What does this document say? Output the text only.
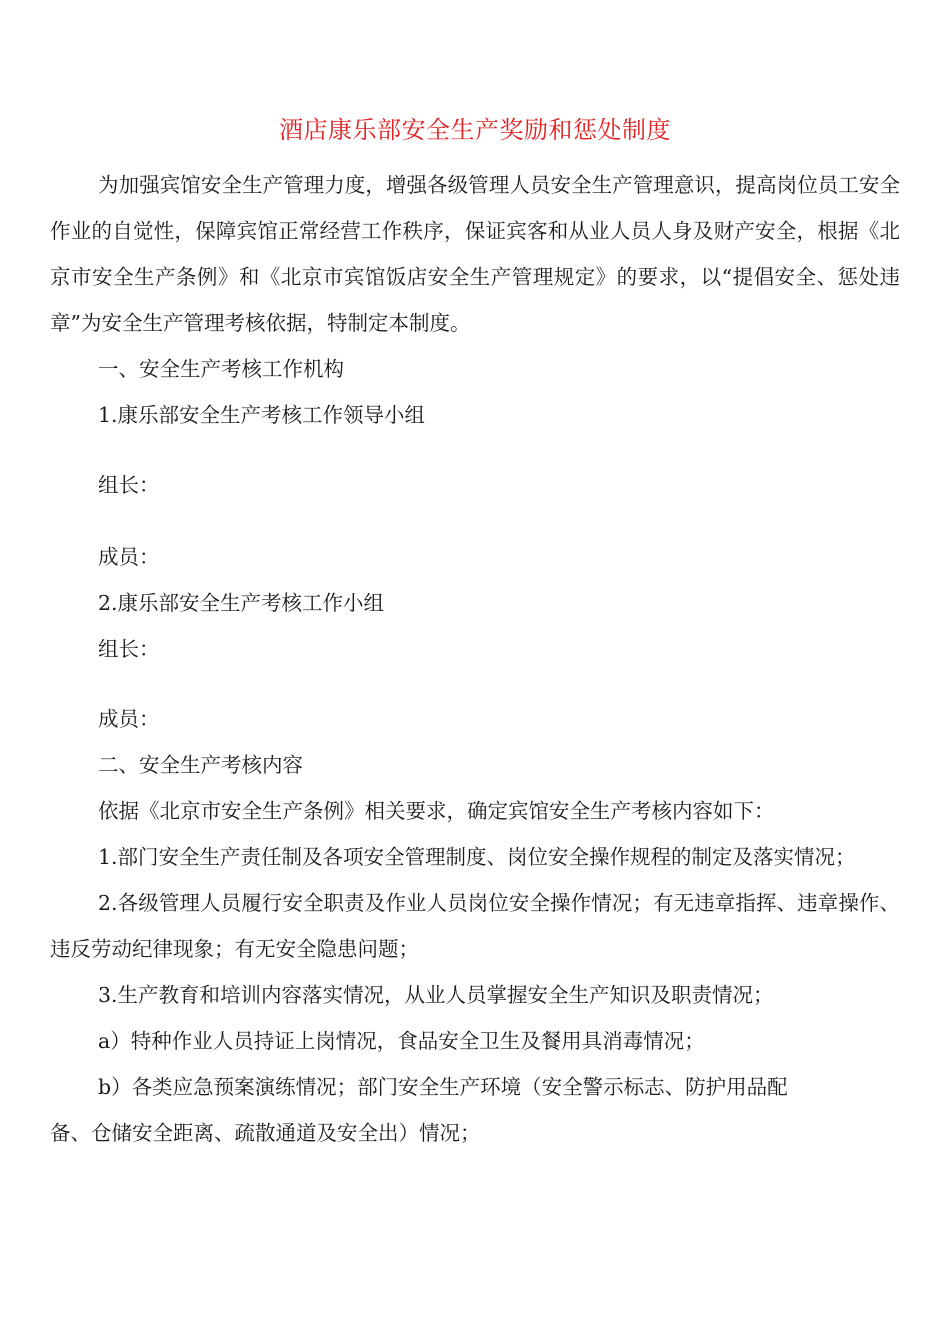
酒店康乐部安全生产奖励和惩处制度

为加强宾馆安全生产管理力度，增强各级管理人员安全生产管理意识，提高岗位员工安全作业的自觉性，保障宾馆正常经营工作秩序，保证宾客和从业人员人身及财产安全，根据《北京市安全生产条例》和《北京市宾馆饭店安全生产管理规定》的要求，以“提倡安全、惩处违章”为安全生产管理考核依据，特制定本制度。

一、安全生产考核工作机构

1.康乐部安全生产考核工作领导小组

组长：

成员：

2.康乐部安全生产考核工作小组

组长：

成员：

二、安全生产考核内容

依据《北京市安全生产条例》相关要求，确定宾馆安全生产考核内容如下：

1.部门安全生产责任制及各项安全管理制度、岗位安全操作规程的制定及落实情况；

2.各级管理人员履行安全职责及作业人员岗位安全操作情况；有无违章指挥、违章操作、违反劳动纪律现象；有无安全隐患问题；

3.生产教育和培训内容落实情况，从业人员掌握安全生产知识及职责情况；

a）特种作业人员持证上岗情况，食品安全卫生及餐用具消毒情况；

b）各类应急预案演练情况；部门安全生产环境（安全警示标志、防护用品配

备、仓储安全距离、疏散通道及安全出）情况；
